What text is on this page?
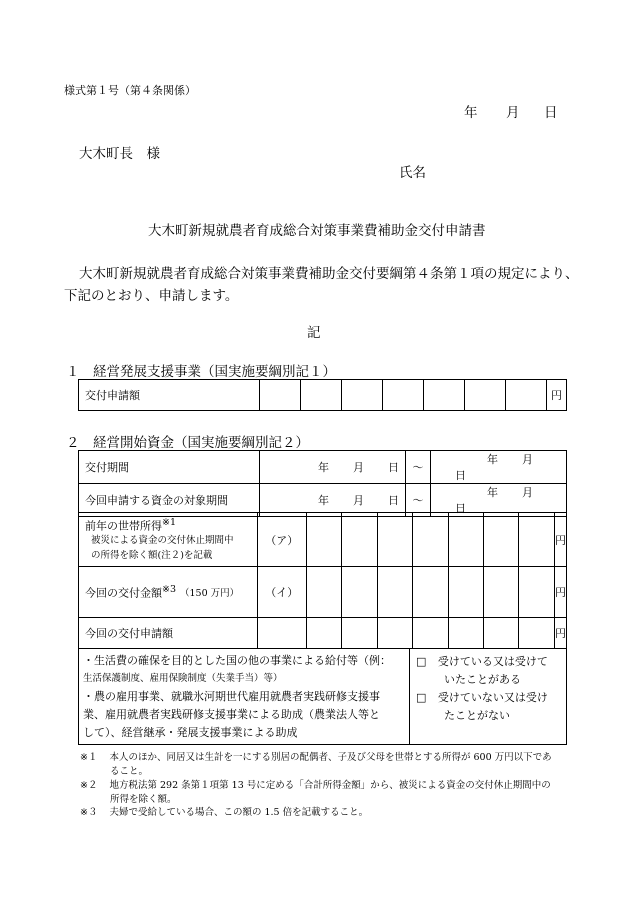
様式第１号（第４条関係）
年 月 日
大木町長　様
氏名
大木町新規就農者育成総合対策事業費補助金交付申請書
大木町新規就農者育成総合対策事業費補助金交付要綱第４条第１項の規定により、
下記のとおり、申請します。
記
１　経営発展支援事業（国実施要綱別記１）
交付申請額								円
２　経営開始資金（国実施要綱別記２）
交付期間	年 月 日	〜	年 月日
今回申請する資金の対象期間	年 月 日	〜	年 月日
前年の世帯所得$^{※1}$
被災による資金の交付休止期間中
の所得を除く額(注２)を記載	（ア）								円
今回の交付金額$^{※3}$ （150 万円）	（イ）								円
今回の交付申請額									円
・生活費の確保を目的とした国の他の事業による給付等（例：
生活保護制度、雇用保険制度（失業手当）等）
・農の雇用事業、就職氷河期世代雇用就農者実践研修支援事
業、雇用就農者実践研修支援事業による助成（農業法人等と
して）、経営継承・発展支援事業による助成

□ 受けている又は受けて
いたことがある
□ 受けていない又は受け
たことがない
※１ 本人のほか、同居又は生計を一にする別居の配偶者、子及び父母を世帯とする所得が 600 万円以下であ
ること。
※２ 地方税法第 292 条第１項第 13 号に定める「合計所得金額」から、被災による資金の交付休止期間中の
所得を除く額。
※３ 夫婦で受給している場合、この額の 1.5 倍を記載すること。
